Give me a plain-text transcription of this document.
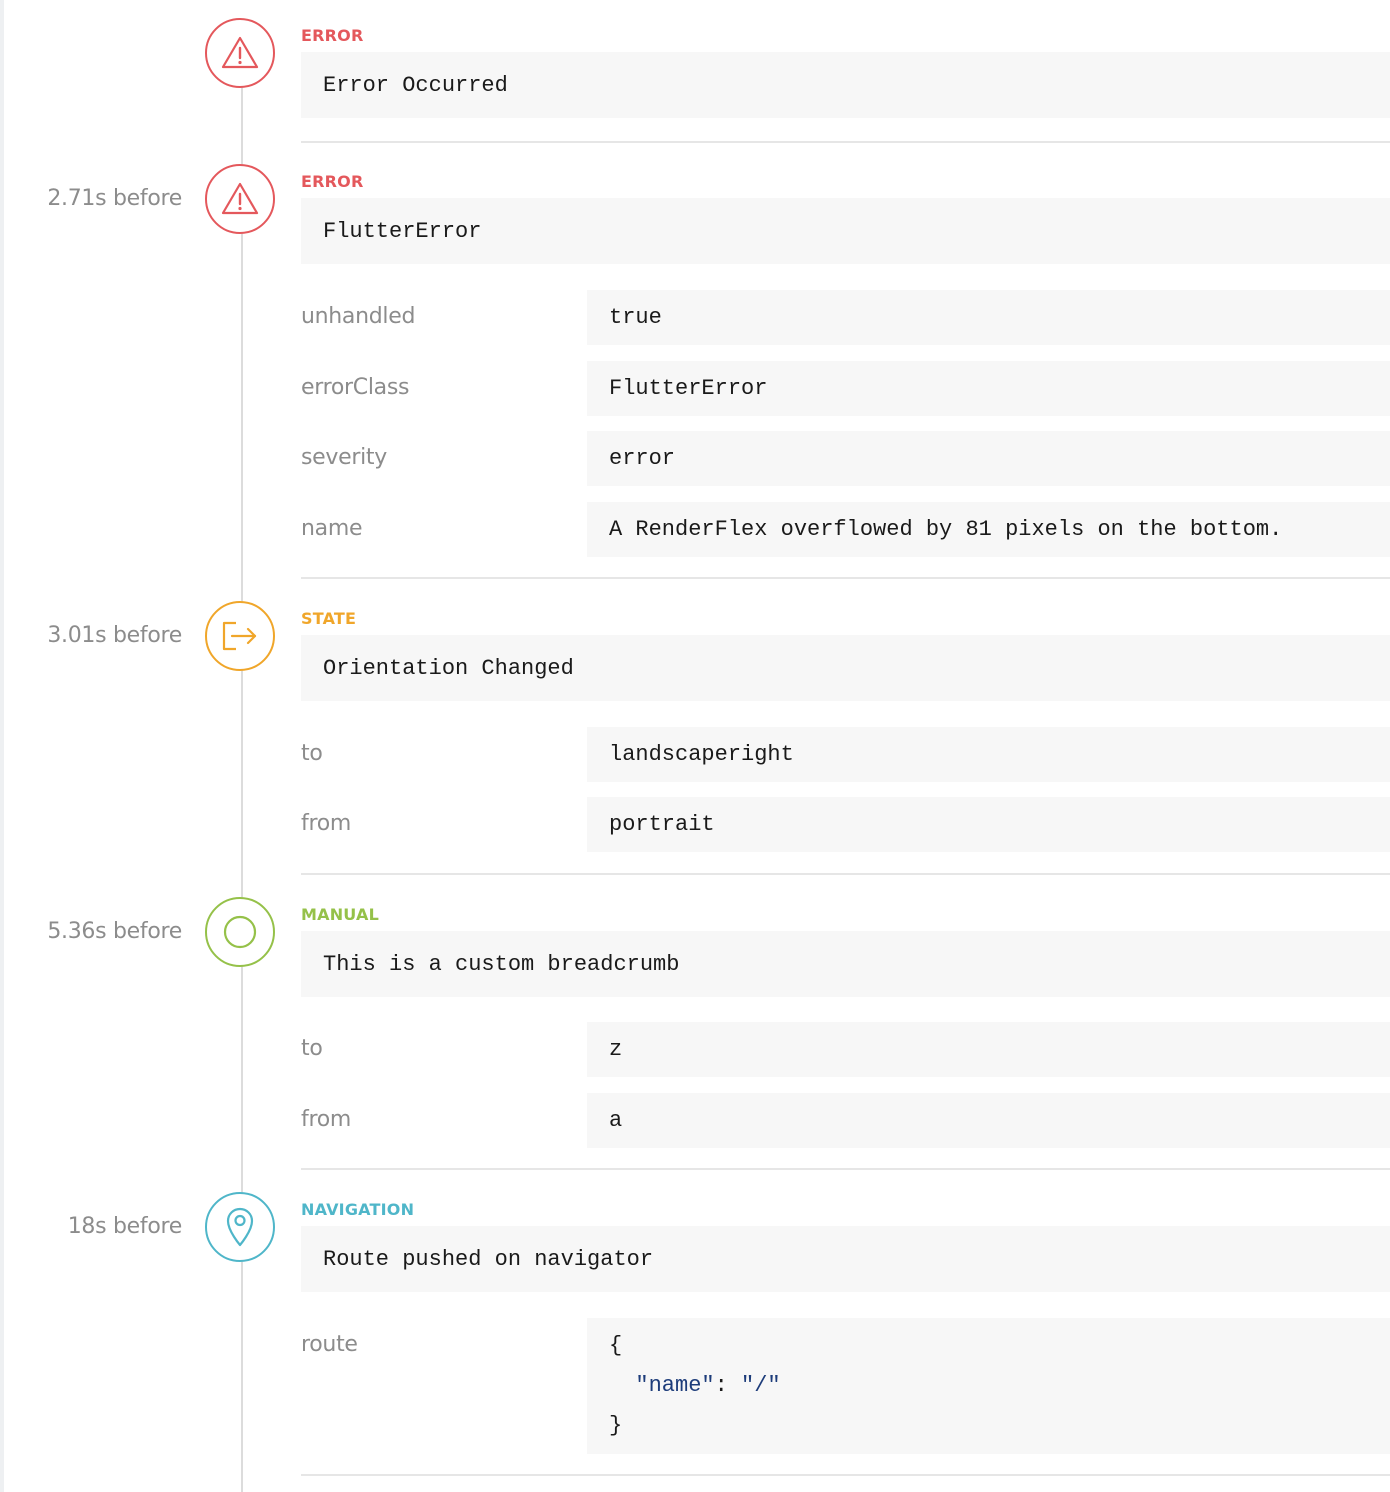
ERROR
Error Occurred
2.71s before
ERROR
FlutterError
unhandled	true
errorClass	FlutterError
severity	error
name	A RenderFlex overflowed by 81 pixels on the bottom.
3.01s before
STATE
Orientation Changed
to	landscaperight
from	portrait
5.36s before
MANUAL
This is a custom breadcrumb
to	z
from	a
18s before
NAVIGATION
Route pushed on navigator
route	{
"name": "/"
}
